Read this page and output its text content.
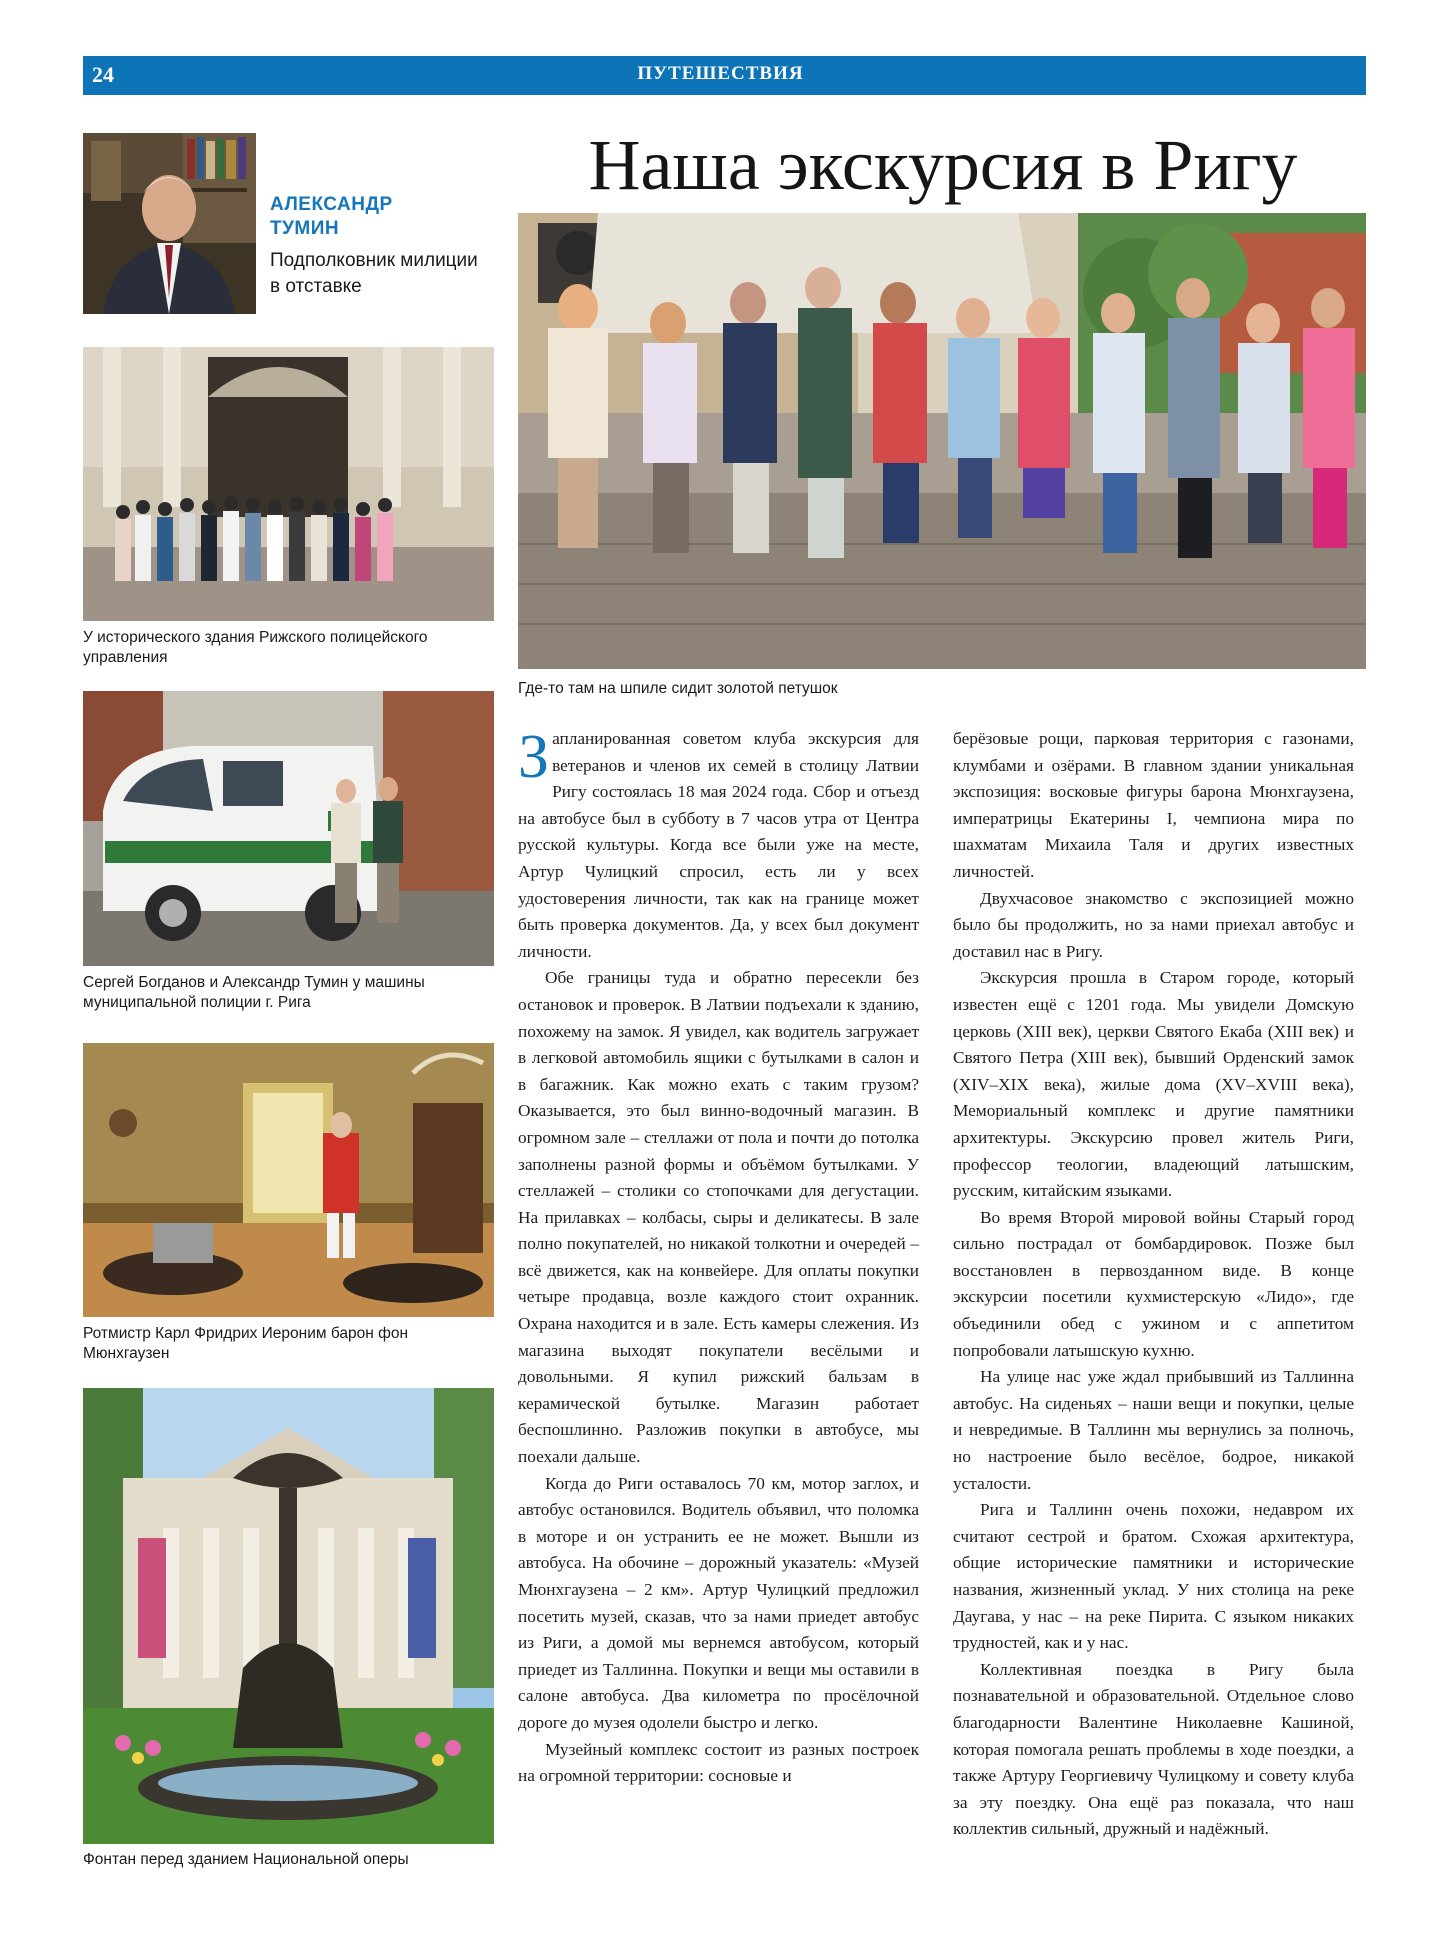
24	ПУТЕШЕСТВИЯ
Наша экскурсия в Ригу
АЛЕКСАНДР ТУМИН
Подполковник милиции в отставке
У исторического здания Рижского полицейского управления
Где-то там на шпиле сидит золотой петушок
Сергей Богданов и Александр Тумин у машины муниципальной полиции г. Рига
Ротмистр Карл Фридрих Иероним барон фон Мюнхгаузен
Фонтан перед зданием Национальной оперы

Запланированная советом клуба экскурсия для ветеранов и членов их семей в столицу Латвии Ригу состоялась 18 мая 2024 года. Сбор и отъезд на автобусе был в субботу в 7 часов утра от Центра русской культуры. Когда все были уже на месте, Артур Чулицкий спросил, есть ли у всех удостоверения личности, так как на границе может быть проверка документов. Да, у всех был документ личности.

Обе границы туда и обратно пересекли без остановок и проверок. В Латвии подъехали к зданию, похожему на замок. Я увидел, как водитель загружает в легковой автомобиль ящики с бутылками в салон и в багажник. Как можно ехать с таким грузом? Оказывается, это был винно-водочный магазин. В огромном зале – стеллажи от пола и почти до потолка заполнены разной формы и объёмом бутылками. У стеллажей – столики со стопочками для дегустации. На прилавках – колбасы, сыры и деликатесы. В зале полно покупателей, но никакой толкотни и очередей – всё движется, как на конвейере. Для оплаты покупки четыре продавца, возле каждого стоит охранник. Охрана находится и в зале. Есть камеры слежения. Из магазина выходят покупатели весёлыми и довольными. Я купил рижский бальзам в керамической бутылке. Магазин работает беспошлинно. Разложив покупки в автобусе, мы поехали дальше.

Когда до Риги оставалось 70 км, мотор заглох, и автобус остановился. Водитель объявил, что поломка в моторе и он устранить ее не может. Вышли из автобуса. На обочине – дорожный указатель: «Музей Мюнхгаузена – 2 км». Артур Чулицкий предложил посетить музей, сказав, что за нами приедет автобус из Риги, а домой мы вернемся автобусом, который приедет из Таллинна. Покупки и вещи мы оставили в салоне автобуса. Два километра по просёлочной дороге до музея одолели быстро и легко.

Музейный комплекс состоит из разных построек на огромной территории: сосновые и

берёзовые рощи, парковая территория с газонами, клумбами и озёрами. В главном здании уникальная экспозиция: восковые фигуры барона Мюнхгаузена, императрицы Екатерины I, чемпиона мира по шахматам Михаила Таля и других известных личностей.

Двухчасовое знакомство с экспозицией можно было бы продолжить, но за нами приехал автобус и доставил нас в Ригу.

Экскурсия прошла в Старом городе, который известен ещё с 1201 года. Мы увидели Домскую церковь (XIII век), церкви Святого Екаба (XIII век) и Святого Петра (XIII век), бывший Орденский замок (XIV–XIX века), жилые дома (XV–XVIII века), Мемориальный комплекс и другие памятники архитектуры. Экскурсию провел житель Риги, профессор теологии, владеющий латышским, русским, китайским языками.

Во время Второй мировой войны Старый город сильно пострадал от бомбардировок. Позже был восстановлен в первозданном виде. В конце экскурсии посетили кухмистерскую «Лидо», где объединили обед с ужином и с аппетитом попробовали латышскую кухню.

На улице нас уже ждал прибывший из Таллинна автобус. На сиденьях – наши вещи и покупки, целые и невредимые. В Таллинн мы вернулись за полночь, но настроение было весёлое, бодрое, никакой усталости.

Рига и Таллинн очень похожи, недавром их считают сестрой и братом. Схожая архитектура, общие исторические памятники и исторические названия, жизненный уклад. У них столица на реке Даугава, у нас – на реке Пирита. С языком никаких трудностей, как и у нас.

Коллективная поездка в Ригу была познавательной и образовательной. Отдельное слово благодарности Валентине Николаевне Кашиной, которая помогала решать проблемы в ходе поездки, а также Артуру Георгиевичу Чулицкому и совету клуба за эту поездку. Она ещё раз показала, что наш коллектив сильный, дружный и надёжный.
